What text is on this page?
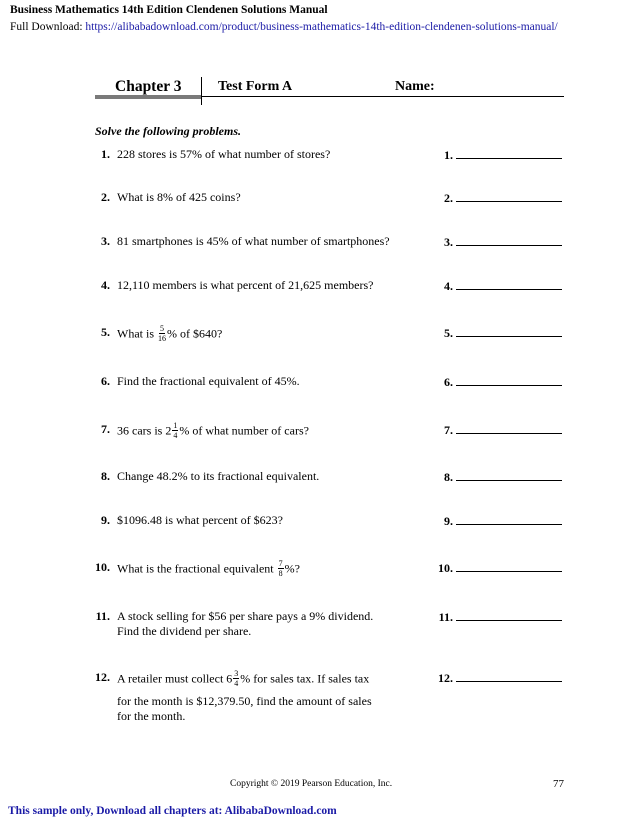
Business Mathematics 14th Edition Clendenen Solutions Manual
Full Download: https://alibabadownload.com/product/business-mathematics-14th-edition-clendenen-solutions-manual/
Chapter 3	Test Form A	Name:
Solve the following problems.
1. 228 stores is 57% of what number of stores?	1.
2. What is 8% of 425 coins?	2.
3. 81 smartphones is 45% of what number of smartphones?	3.
4. 12,110 members is what percent of 21,625 members?	4.
5. What is $\frac{5}{16}$ % of $640?	5.
6. Find the fractional equivalent of 45%.	6.
7. 36 cars is $2 \frac{1}{4}$ % of what number of cars?	7.
8. Change 48.2% to its fractional equivalent.	8.
9. $1096.48 is what percent of $623?	9.
10. What is the fractional equivalent $\frac{7}{8}$ %?	10.
11. A stock selling for $56 per share pays a 9% dividend.
Find the dividend per share.
11.
12. A retailer must collect $6 \frac{3}{4}$ % for sales tax. If sales tax
for the month is $12,379.50, find the amount of sales
for the month.
12.
Copyright © 2019 Pearson Education, Inc.	77
This sample only, Download all chapters at: AlibabaDownload.com
